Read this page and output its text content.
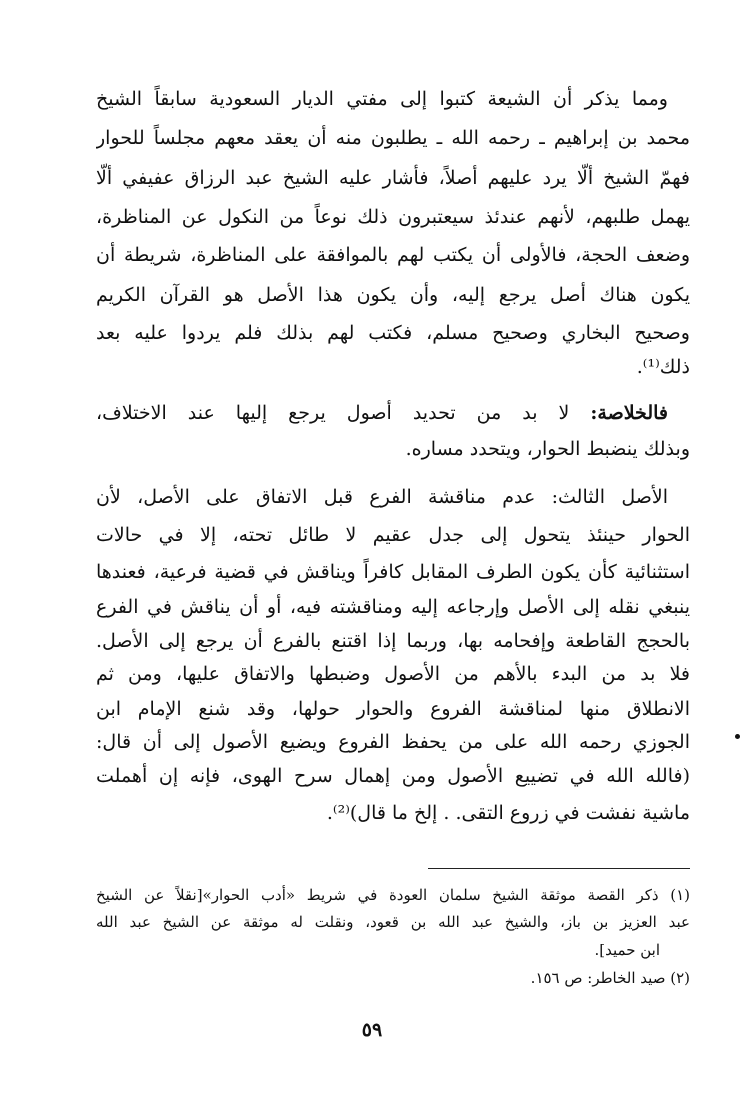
ومما يذكر أن الشيعة كتبوا إلى مفتي الديار السعودية سابقاً الشيخ
محمد بن إبراهيم ـ رحمه الله ـ يطلبون منه أن يعقد معهم مجلساً للحوار
فهمّ الشيخ ألّا يرد عليهم أصلاً، فأشار عليه الشيخ عبد الرزاق عفيفي ألّا
يهمل طلبهم، لأنهم عندئذ سيعتبرون ذلك نوعاً من النكول عن المناظرة،
وضعف الحجة، فالأولى أن يكتب لهم بالموافقة على المناظرة، شريطة أن
يكون هناك أصل يرجع إليه، وأن يكون هذا الأصل هو القرآن الكريم
وصحيح البخاري وصحيح مسلم، فكتب لهم بذلك فلم يردوا عليه بعد
ذلك⁽¹⁾.
فالخلاصة: لا بد من تحديد أصول يرجع إليها عند الاختلاف،
وبذلك ينضبط الحوار، ويتحدد مساره.
الأصل الثالث: عدم مناقشة الفرع قبل الاتفاق على الأصل، لأن
الحوار حينئذ يتحول إلى جدل عقيم لا طائل تحته، إلا في حالات
استثنائية كأن يكون الطرف المقابل كافراً ويناقش في قضية فرعية، فعندها
ينبغي نقله إلى الأصل وإرجاعه إليه ومناقشته فيه، أو أن يناقش في الفرع
بالحجج القاطعة وإفحامه بها، وربما إذا اقتنع بالفرع أن يرجع إلى الأصل.
فلا بد من البدء بالأهم من الأصول وضبطها والاتفاق عليها، ومن ثم
الانطلاق منها لمناقشة الفروع والحوار حولها، وقد شنع الإمام ابن
الجوزي رحمه الله على من يحفظ الفروع ويضيع الأصول إلى أن قال:
(فالله الله في تضييع الأصول ومن إهمال سرح الهوى، فإنه إن أهملت
ماشية نفشت في زروع التقى. . إلخ ما قال)⁽²⁾.
(١) ذكر القصة موثقة الشيخ سلمان العودة في شريط «أدب الحوار»[نقلاً عن الشيخ
عبد العزيز بن باز، والشيخ عبد الله بن قعود، ونقلت له موثقة عن الشيخ عبد الله
ابن حميد].
(٢) صيد الخاطر: ص ١٥٦.
٥٩
